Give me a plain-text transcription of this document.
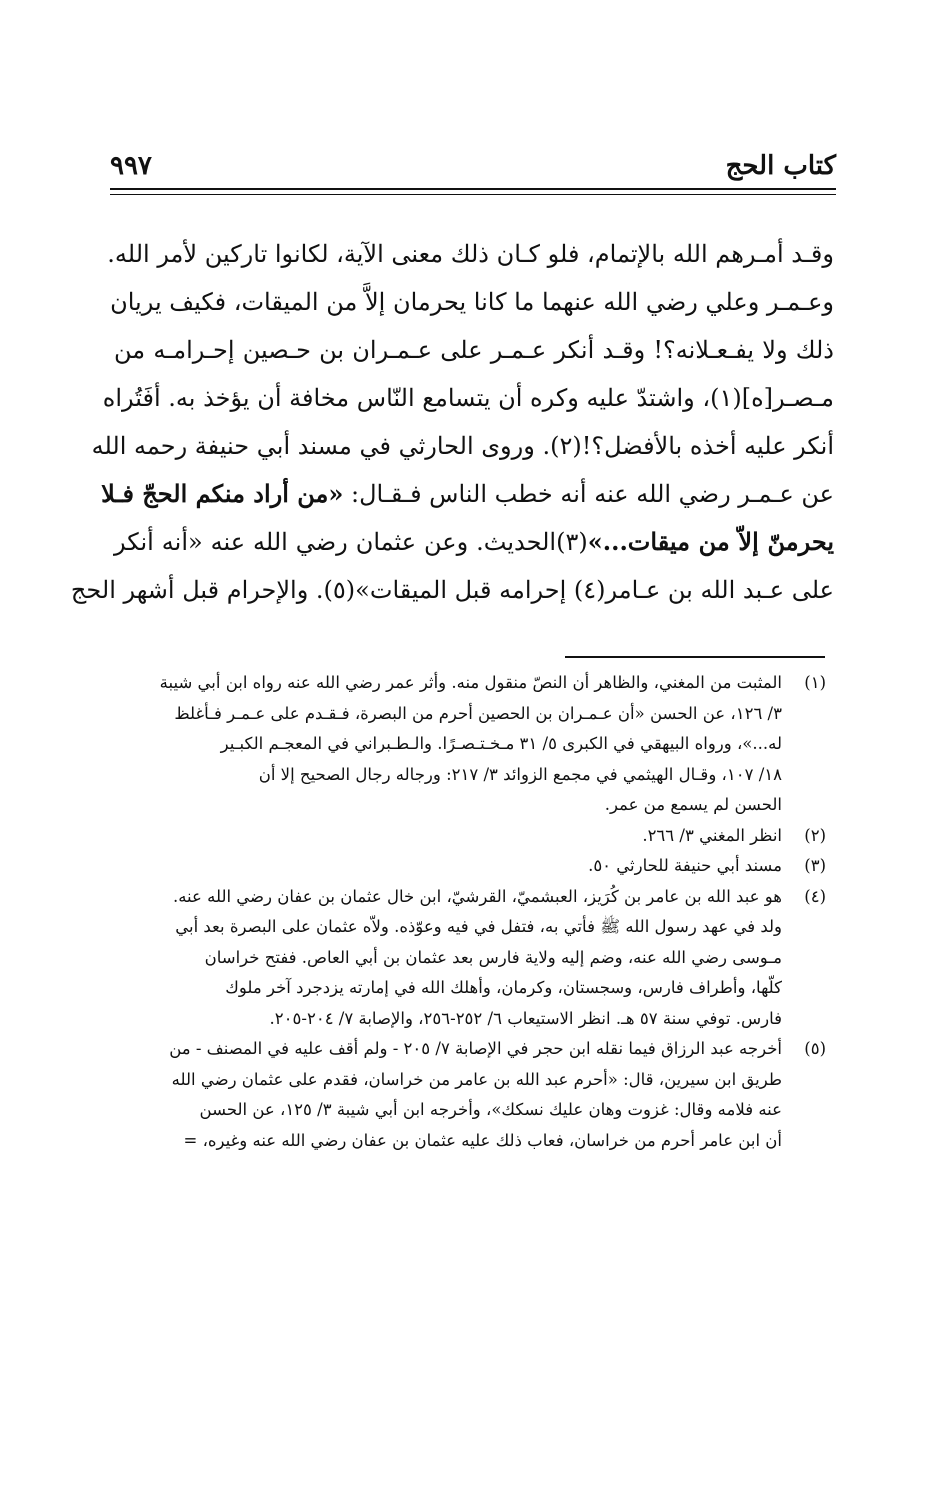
كتاب الحج
٩٩٧
وقـد أمـرهم الله بالإتمام، فلو كـان ذلك معنى الآية، لكانوا تاركين لأمر الله.
وعـمـر وعلي رضي الله عنهما ما كانا يحرمان إلاَّ من الميقات، فكيف يريان
ذلك ولا يفـعـلانه؟! وقـد أنكر عـمـر على عـمـران بن حـصين إحـرامـه من
مـصـر[ه](١)، واشتدّ عليه وكره أن يتسامع النّاس مخافة أن يؤخذ به. أفَتُراه
أنكر عليه أخذه بالأفضل؟!(٢). وروى الحارثي في مسند أبي حنيفة رحمه الله
عن عـمـر رضي الله عنه أنه خطب الناس فـقـال: «من أراد منكم الحجّ فـلا
يحرمنّ إلاّ من ميقات...»(٣)الحديث. وعن عثمان رضي الله عنه «أنه أنكر
على عـبد الله بن عـامر(٤) إحرامه قبل الميقات»(٥). والإحرام قبل أشهر الحج
(١)
المثبت من المغني، والظاهر أن النصّ منقول منه. وأثر عمر رضي الله عنه رواه ابن أبي شيبة
٣/ ١٢٦، عن الحسن «أن عـمـران بن الحصين أحرم من البصرة، فـقـدم على عـمـر فـأغلظ
له...»، ورواه البيهقي في الكبرى ٥/ ٣١ مـخـتـصـرًا. والـطـبراني في المعجـم الكبـير
١٨/ ١٠٧، وقـال الهيثمي في مجمع الزوائد ٣/ ٢١٧: ورجاله رجال الصحيح إلا أن
الحسن لم يسمع من عمر.
(٢)
انظر المغني ٣/ ٢٦٦.
(٣)
مسند أبي حنيفة للحارثي ٥٠.
(٤)
هو عبد الله بن عامر بن كُرَيز، العبشميّ، القرشيّ، ابن خال عثمان بن عفان رضي الله عنه.
ولد في عهد رسول الله ﷺ فأتي به، فتفل في فيه وعوّذه. ولاّه عثمان على البصرة بعد أبي
مـوسى رضي الله عنه، وضم إليه ولاية فارس بعد عثمان بن أبي العاص. ففتح خراسان
كلّها، وأطراف فارس، وسجستان، وكرمان، وأهلك الله في إمارته يزدجرد آخر ملوك
فارس. توفي سنة ٥٧ هـ. انظر الاستيعاب ٦/ ٢٥٢-٢٥٦، والإصابة ٧/ ٢٠٤-٢٠٥.
(٥)
أخرجه عبد الرزاق فيما نقله ابن حجر في الإصابة ٧/ ٢٠٥ - ولم أقف عليه في المصنف - من
طريق ابن سيرين، قال: «أحرم عبد الله بن عامر من خراسان، فقدم على عثمان رضي الله
عنه فلامه وقال: غزوت وهان عليك نسكك»، وأخرجه ابن أبي شيبة ٣/ ١٢٥، عن الحسن
أن ابن عامر أحرم من خراسان، فعاب ذلك عليه عثمان بن عفان رضي الله عنه وغيره، =
